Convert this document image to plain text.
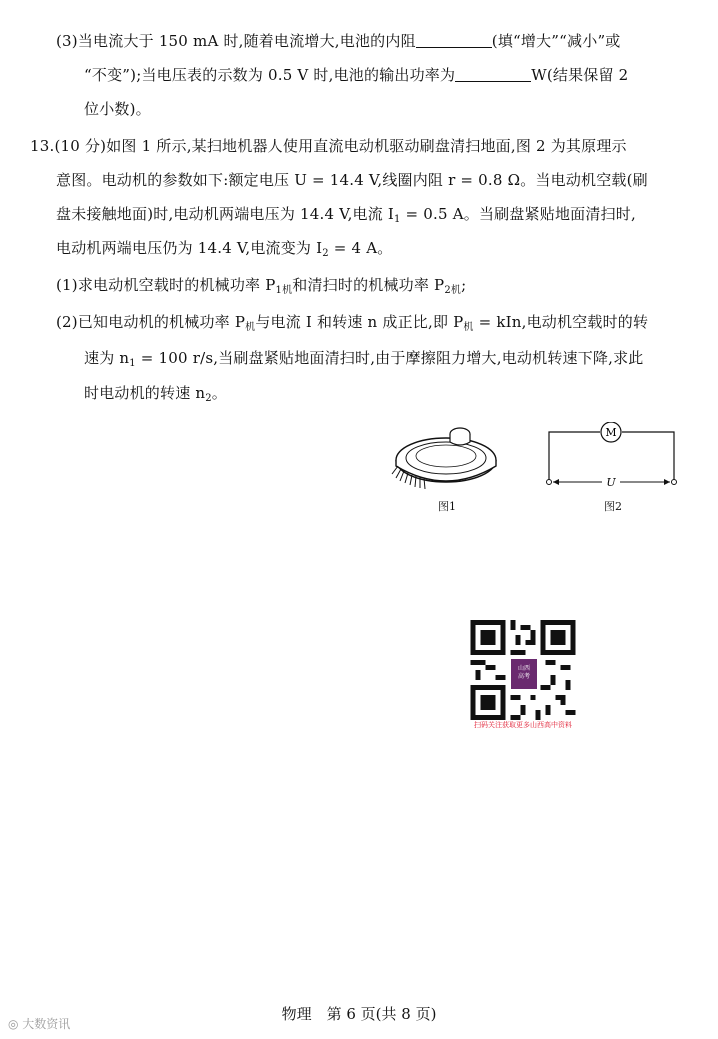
(3)当电流大于 150 mA 时,随着电流增大,电池的内阻	(填“增大”“减小”或
“不变”);当电压表的示数为 0.5 V 时,电池的输出功率为	W(结果保留 2
位小数)。
13.(10 分)如图 1 所示,某扫地机器人使用直流电动机驱动刷盘清扫地面,图 2 为其原理示
意图。电动机的参数如下:额定电压 U = 14.4 V,线圈内阻 r = 0.8 Ω。当电动机空载(刷
盘未接触地面)时,电动机两端电压为 14.4 V,电流 $I_1 = 0.5$ A。当刷盘紧贴地面清扫时,
电动机两端电压仍为 14.4 V,电流变为 $I_2 = 4$ A。
(1)求电动机空载时的机械功率 $P_{1机}$和清扫时的机械功率 $P_{2机}$;
(2)已知电动机的机械功率 $P_机$与电流 I 和转速 n 成正比,即 $P_机$ = kIn,电动机空载时的转
速为 $n_1 = 100$ r/s,当刷盘紧贴地面清扫时,由于摩擦阻力增大,电动机转速下降,求此
时电动机的转速 $n_2$。
图1
M
U
图2
山西
高考
扫码关注获取更多山西高中资料
物理　第 6 页(共 8 页)
◎ 大数资讯
